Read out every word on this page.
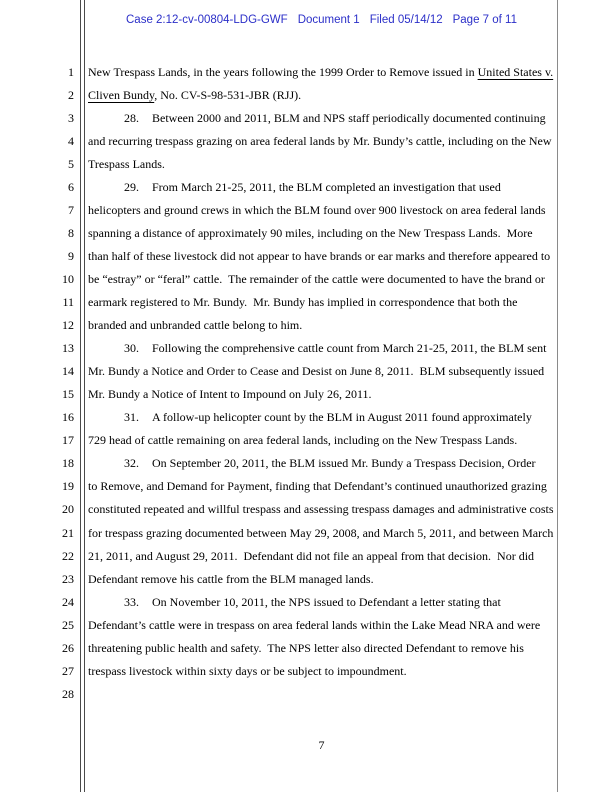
Case 2:12-cv-00804-LDG-GWF Document 1 Filed 05/14/12 Page 7 of 11
1 New Trespass Lands, in the years following the 1999 Order to Remove issued in United States v.
2 Cliven Bundy, No. CV-S-98-531-JBR (RJJ).
3	28. Between 2000 and 2011, BLM and NPS staff periodically documented continuing
4 and recurring trespass grazing on area federal lands by Mr. Bundy’s cattle, including on the New
5 Trespass Lands.
6	29. From March 21-25, 2011, the BLM completed an investigation that used
7 helicopters and ground crews in which the BLM found over 900 livestock on area federal lands
8 spanning a distance of approximately 90 miles, including on the New Trespass Lands.  More
9 than half of these livestock did not appear to have brands or ear marks and therefore appeared to
10 be “estray” or “feral” cattle.  The remainder of the cattle were documented to have the brand or
11 earmark registered to Mr. Bundy.  Mr. Bundy has implied in correspondence that both the
12 branded and unbranded cattle belong to him.
13	30. Following the comprehensive cattle count from March 21-25, 2011, the BLM sent
14 Mr. Bundy a Notice and Order to Cease and Desist on June 8, 2011.  BLM subsequently issued
15 Mr. Bundy a Notice of Intent to Impound on July 26, 2011.
16	31. A follow-up helicopter count by the BLM in August 2011 found approximately
17 729 head of cattle remaining on area federal lands, including on the New Trespass Lands.
18	32. On September 20, 2011, the BLM issued Mr. Bundy a Trespass Decision, Order
19 to Remove, and Demand for Payment, finding that Defendant’s continued unauthorized grazing
20 constituted repeated and willful trespass and assessing trespass damages and administrative costs
21 for trespass grazing documented between May 29, 2008, and March 5, 2011, and between March
22 21, 2011, and August 29, 2011.  Defendant did not file an appeal from that decision.  Nor did
23 Defendant remove his cattle from the BLM managed lands.
24	33. On November 10, 2011, the NPS issued to Defendant a letter stating that
25 Defendant’s cattle were in trespass on area federal lands within the Lake Mead NRA and were
26 threatening public health and safety.  The NPS letter also directed Defendant to remove his
27 trespass livestock within sixty days or be subject to impoundment.
28
7
